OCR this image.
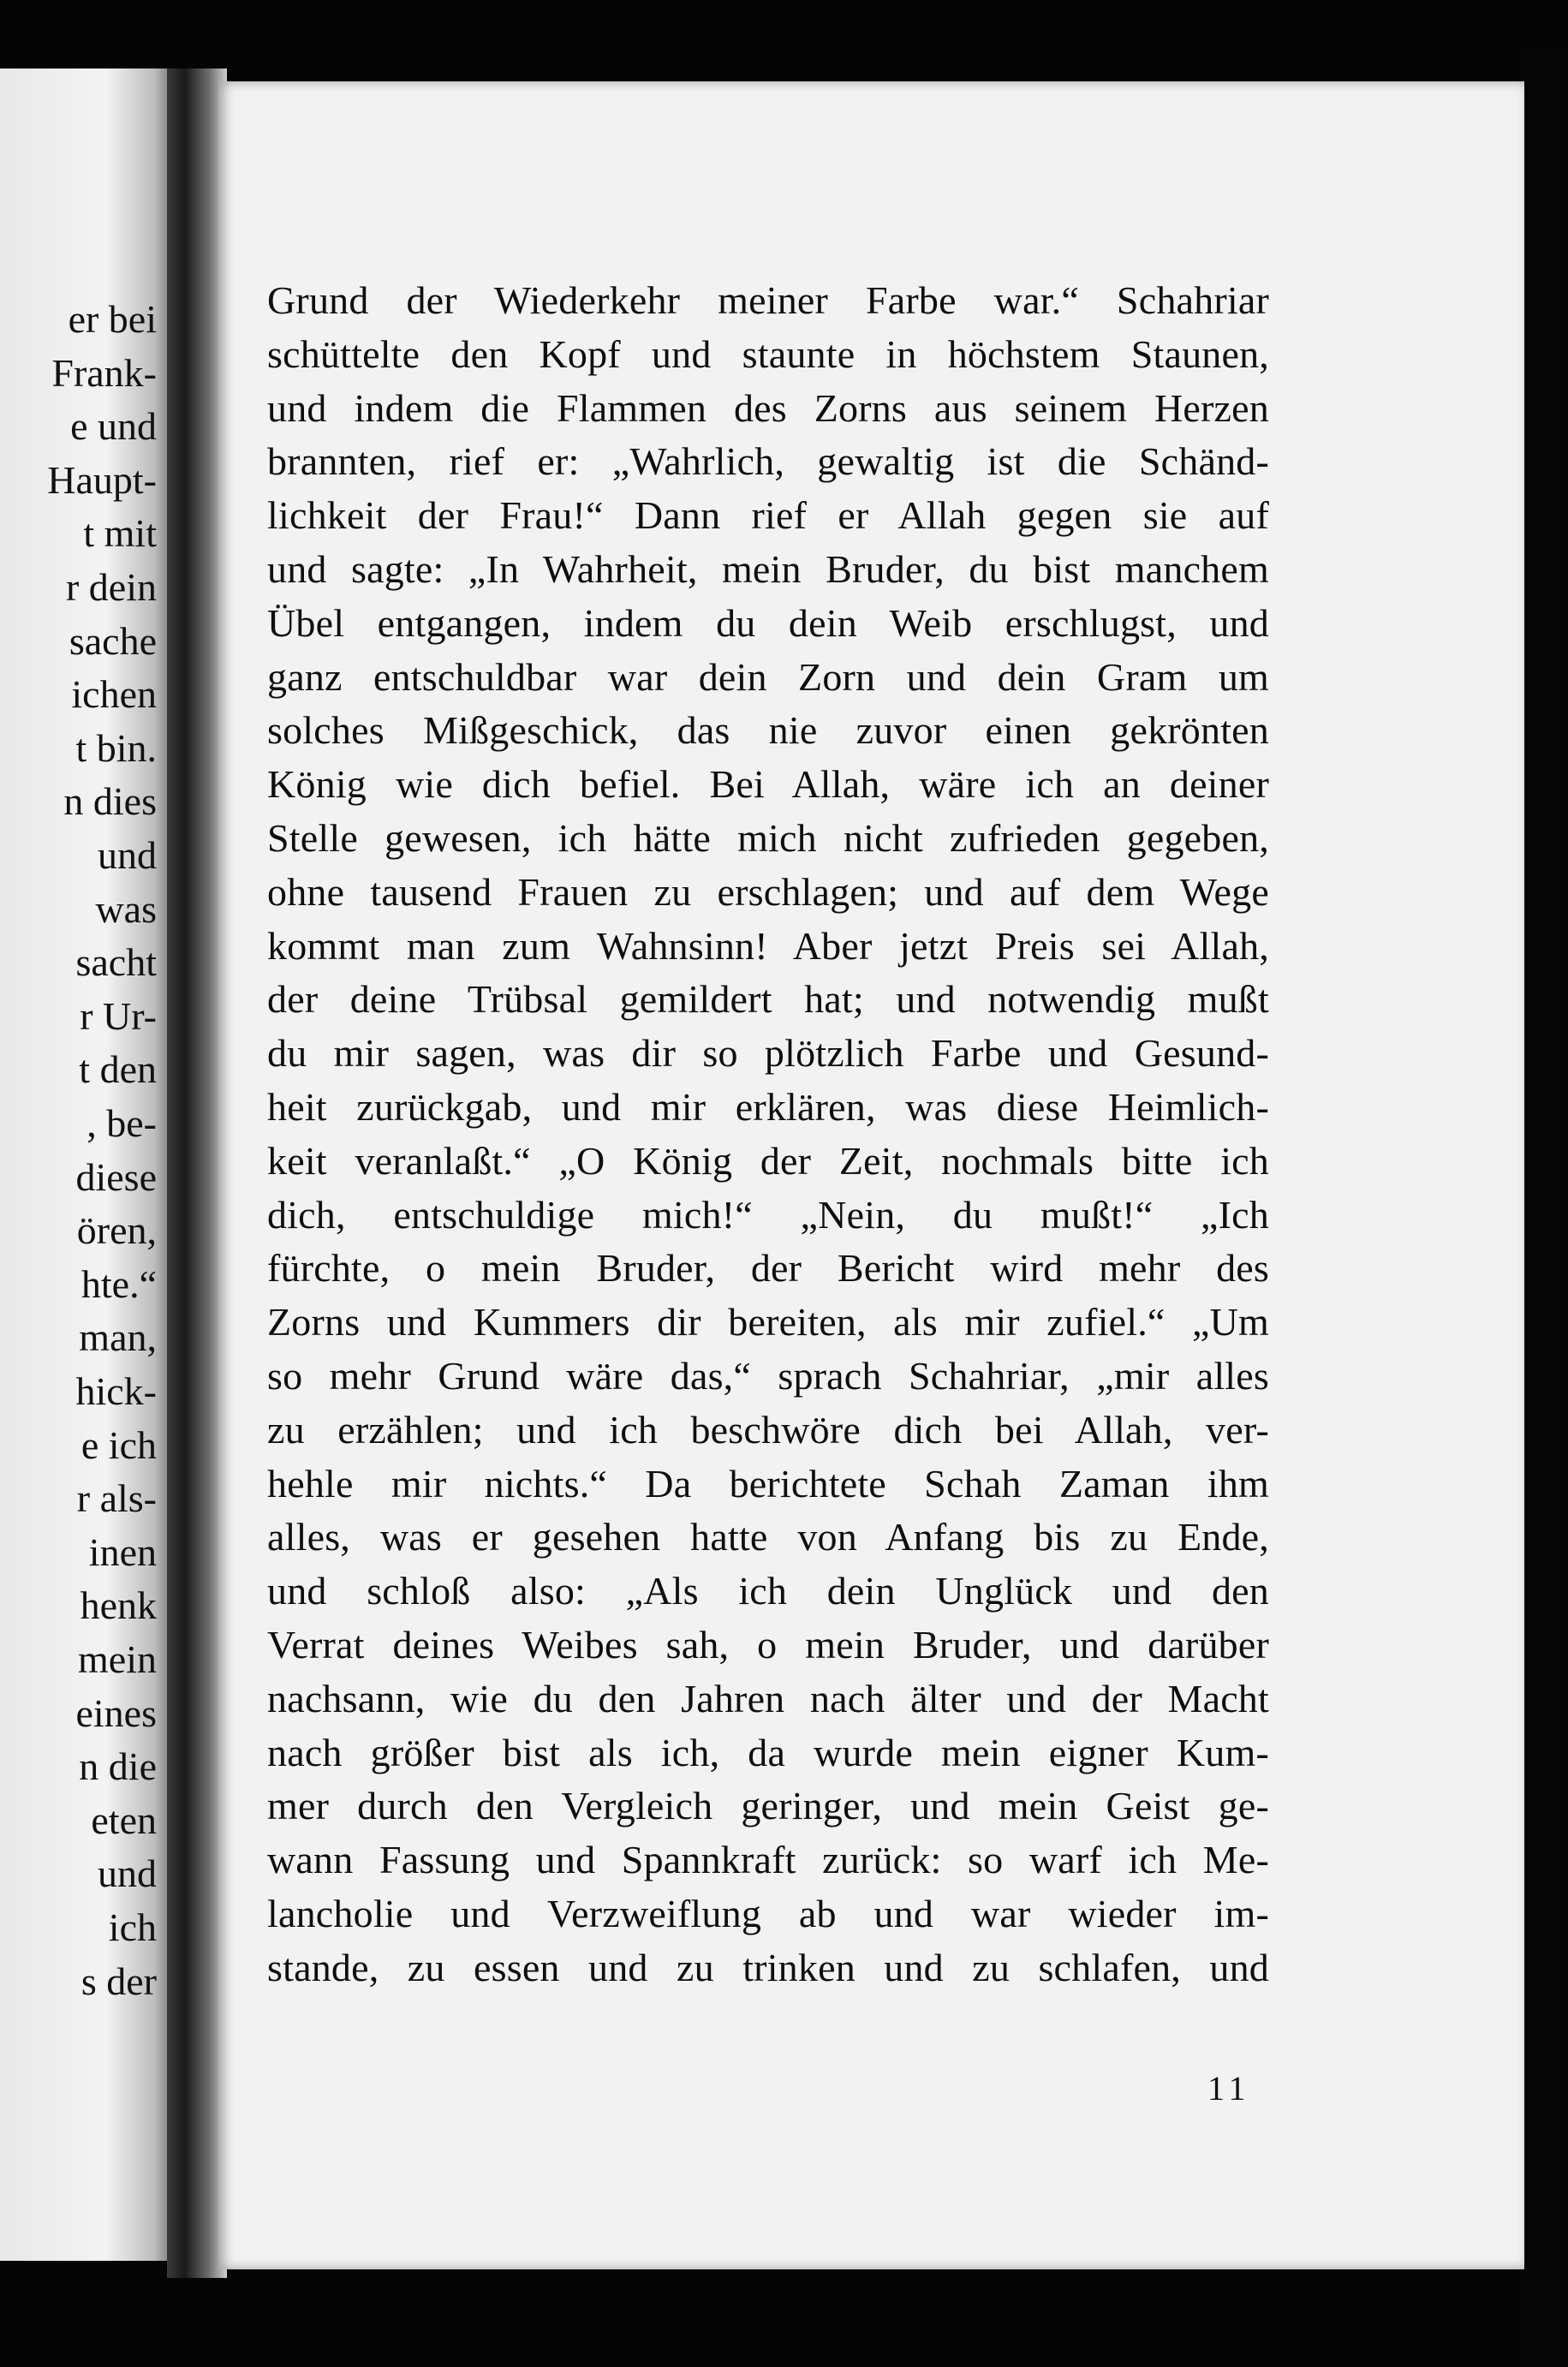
er bei
Frank-
e und
Haupt-
t mit
r dein
sache
ichen
t bin.
n dies
und
was
sacht
r Ur-
t den
, be-
diese
ören,
hte.“
man,
hick-
e ich
r als-
inen
henk
mein
eines
n die
eten
und
ich
s der
Grund der Wiederkehr meiner Farbe war.“ Schahriar
schüttelte den Kopf und staunte in höchstem Staunen,
und indem die Flammen des Zorns aus seinem Herzen
brannten, rief er: „Wahrlich, gewaltig ist die Schänd-
lichkeit der Frau!“ Dann rief er Allah gegen sie auf
und sagte: „In Wahrheit, mein Bruder, du bist manchem
Übel entgangen, indem du dein Weib erschlugst, und
ganz entschuldbar war dein Zorn und dein Gram um
solches Mißgeschick, das nie zuvor einen gekrönten
König wie dich befiel. Bei Allah, wäre ich an deiner
Stelle gewesen, ich hätte mich nicht zufrieden gegeben,
ohne tausend Frauen zu erschlagen; und auf dem Wege
kommt man zum Wahnsinn! Aber jetzt Preis sei Allah,
der deine Trübsal gemildert hat; und notwendig mußt
du mir sagen, was dir so plötzlich Farbe und Gesund-
heit zurückgab, und mir erklären, was diese Heimlich-
keit veranlaßt.“ „O König der Zeit, nochmals bitte ich
dich, entschuldige mich!“ „Nein, du mußt!“ „Ich
fürchte, o mein Bruder, der Bericht wird mehr des
Zorns und Kummers dir bereiten, als mir zufiel.“ „Um
so mehr Grund wäre das,“ sprach Schahriar, „mir alles
zu erzählen; und ich beschwöre dich bei Allah, ver-
hehle mir nichts.“ Da berichtete Schah Zaman ihm
alles, was er gesehen hatte von Anfang bis zu Ende,
und schloß also: „Als ich dein Unglück und den
Verrat deines Weibes sah, o mein Bruder, und darüber
nachsann, wie du den Jahren nach älter und der Macht
nach größer bist als ich, da wurde mein eigner Kum-
mer durch den Vergleich geringer, und mein Geist ge-
wann Fassung und Spannkraft zurück: so warf ich Me-
lancholie und Verzweiflung ab und war wieder im-
stande, zu essen und zu trinken und zu schlafen, und
11
